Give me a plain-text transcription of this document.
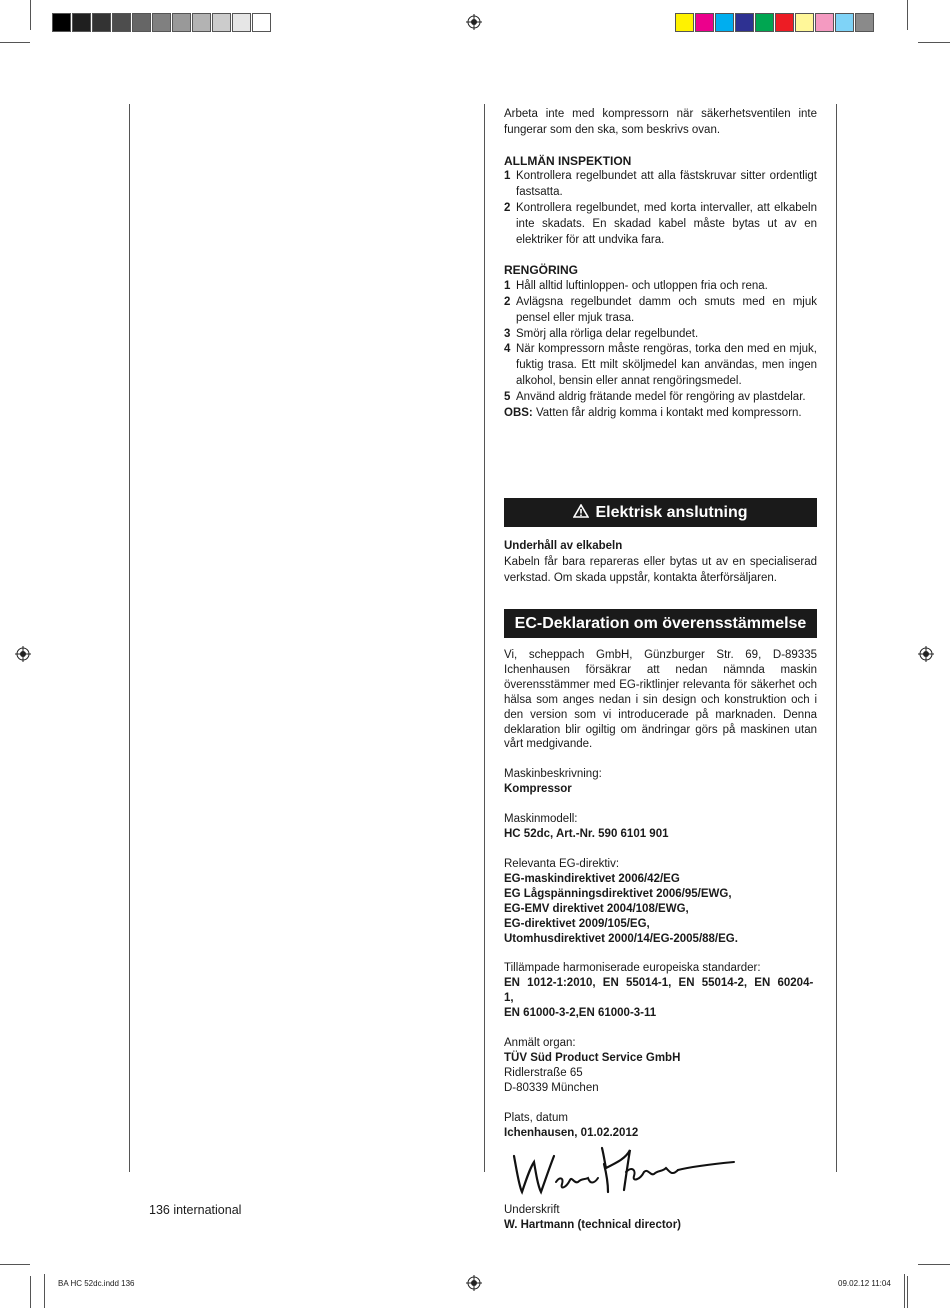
Arbeta inte med kompressorn när säkerhetsventilen inte fungerar som den ska, som beskrivs ovan.

ALLMÄN INSPEKTION

1 Kontrollera regelbundet att alla fästskruvar sitter ordentligt fastsatta.
2 Kontrollera regelbundet, med korta intervaller, att elkabeln inte skadats. En skadad kabel måste bytas ut av en elektriker för att undvika fara.

RENGÖRING

1 Håll alltid luftinloppen- och utloppen fria och rena.
2 Avlägsna regelbundet damm och smuts med en mjuk pensel eller mjuk trasa.
3 Smörj alla rörliga delar regelbundet.
4 När kompressorn måste rengöras, torka den med en mjuk, fuktig trasa. Ett milt sköljmedel kan användas, men ingen alkohol, bensin eller annat rengöringsmedel.
5 Använd aldrig frätande medel för rengöring av plastdelar.

OBS: Vatten får aldrig komma i kontakt med kompressorn.

Elektrisk anslutning

Underhåll av elkabeln

Kabeln får bara repareras eller bytas ut av en specialiserad verkstad. Om skada uppstår, kontakta återförsäljaren.

EC-Deklaration om överensstämmelse

Vi, scheppach GmbH, Günzburger Str. 69, D-89335 Ichenhausen försäkrar att nedan nämnda maskin överensstämmer med EG-riktlinjer relevanta för säkerhet och hälsa som anges nedan i sin design och konstruktion och i den version som vi introducerade på marknaden. Denna deklaration blir ogiltig om ändringar görs på maskinen utan vårt medgivande.

Maskinbeskrivning:

Kompressor

Maskinmodell:

HC 52dc, Art.-Nr. 590 6101 901

Relevanta EG-direktiv:

EG-maskindirektivet 2006/42/EG

EG Lågspänningsdirektivet 2006/95/EWG,

EG-EMV direktivet 2004/108/EWG,

EG-direktivet 2009/105/EG,

Utomhusdirektivet 2000/14/EG-2005/88/EG.

Tillämpade harmoniserade europeiska standarder:

EN 1012-1:2010, EN 55014-1, EN 55014-2, EN 60204-1,

EN 61000-3-2,EN 61000-3-11

Anmält organ:

TÜV Süd Product Service GmbH

Ridlerstraße 65

D-80339 München

Plats, datum

Ichenhausen, 01.02.2012

Underskrift

W. Hartmann (technical director)

136 international
BA HC 52dc.indd 136	09.02.12 11:04
